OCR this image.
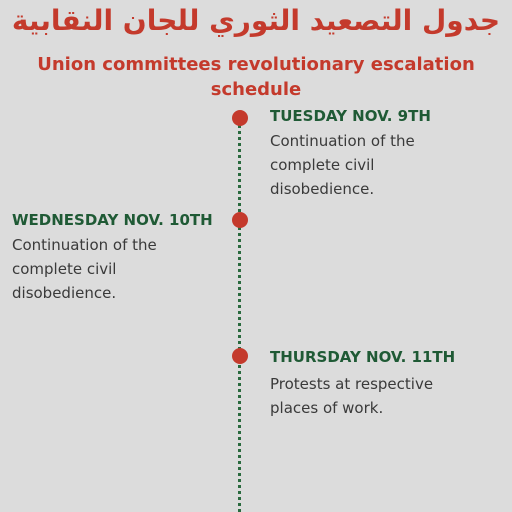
جدول التصعيد الثوري للجان النقابية
Union committees revolutionary escalation schedule
TUESDAY NOV. 9TH
Continuation of the complete civil disobedience.
WEDNESDAY NOV. 10TH
Continuation of the complete civil disobedience.
THURSDAY NOV. 11TH
Protests at respective places of work.
